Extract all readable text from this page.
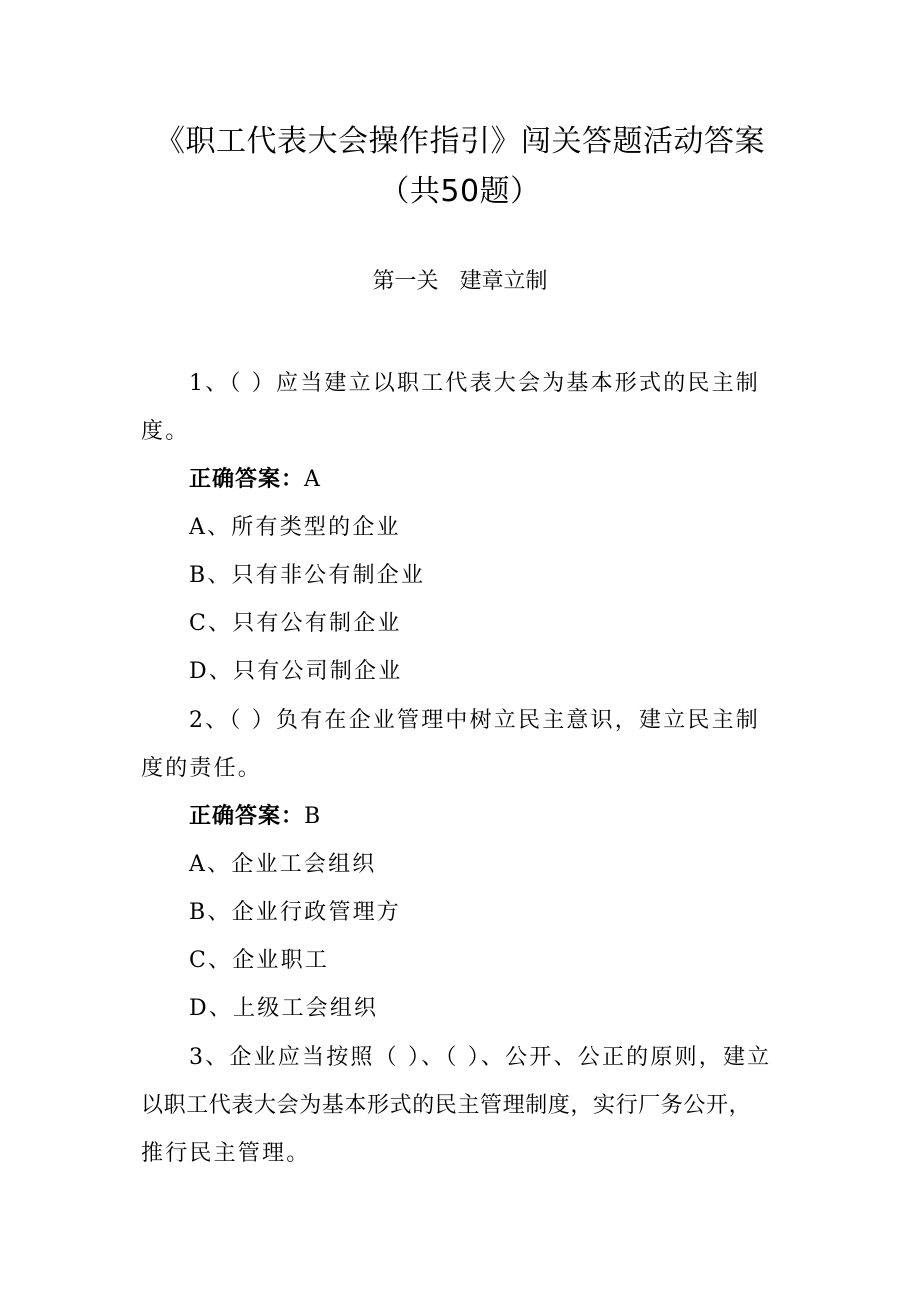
《职工代表大会操作指引》闯关答题活动答案
（共50题）
第一关 建章立制
1、（ ）应当建立以职工代表大会为基本形式的民主制
度。
正确答案：A
A、所有类型的企业
B、只有非公有制企业
C、只有公有制企业
D、只有公司制企业
2、（ ）负有在企业管理中树立民主意识，建立民主制
度的责任。
正确答案：B
A、企业工会组织
B、企业行政管理方
C、企业职工
D、上级工会组织
3、企业应当按照（ ）、（ ）、公开、公正的原则，建立
以职工代表大会为基本形式的民主管理制度，实行厂务公开，
推行民主管理。
